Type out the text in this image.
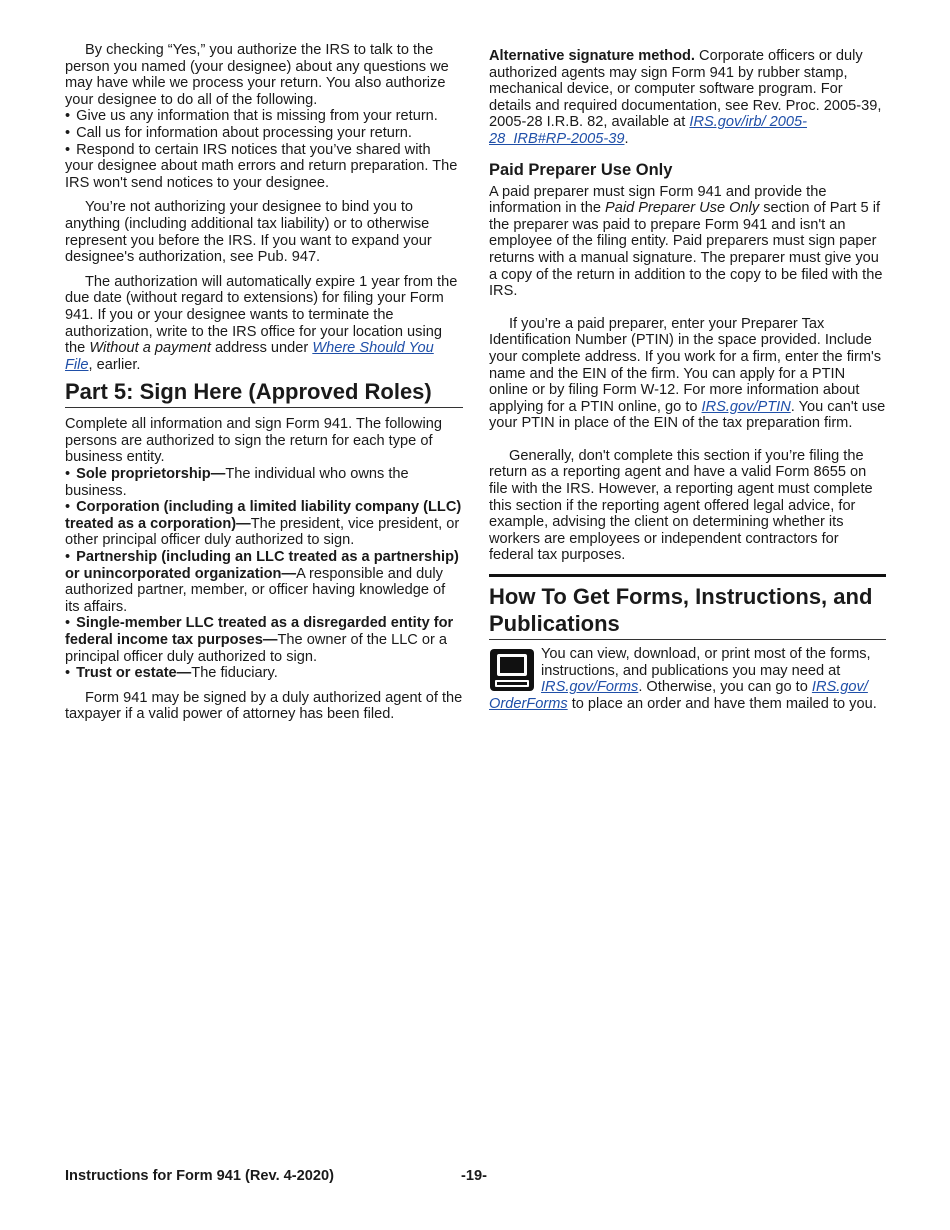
By checking “Yes,” you authorize the IRS to talk to the person you named (your designee) about any questions we may have while we process your return. You also authorize your designee to do all of the following.

• Give us any information that is missing from your return.

• Call us for information about processing your return.

• Respond to certain IRS notices that you’ve shared with your designee about math errors and return preparation. The IRS won't send notices to your designee.

You’re not authorizing your designee to bind you to anything (including additional tax liability) or to otherwise represent you before the IRS. If you want to expand your designee's authorization, see Pub. 947.

The authorization will automatically expire 1 year from the due date (without regard to extensions) for filing your Form 941. If you or your designee wants to terminate the authorization, write to the IRS office for your location using the Without a payment address under Where Should You File, earlier.

Part 5: Sign Here (Approved Roles)

Complete all information and sign Form 941. The following persons are authorized to sign the return for each type of business entity.

• Sole proprietorship—The individual who owns the business.

• Corporation (including a limited liability company (LLC) treated as a corporation)—The president, vice president, or other principal officer duly authorized to sign.

• Partnership (including an LLC treated as a partnership) or unincorporated organization—A responsible and duly authorized partner, member, or officer having knowledge of its affairs.

• Single-member LLC treated as a disregarded entity for federal income tax purposes—The owner of the LLC or a principal officer duly authorized to sign.

• Trust or estate—The fiduciary.

Form 941 may be signed by a duly authorized agent of the taxpayer if a valid power of attorney has been filed.

Alternative signature method. Corporate officers or duly authorized agents may sign Form 941 by rubber stamp, mechanical device, or computer software program. For details and required documentation, see Rev. Proc. 2005-39, 2005-28 I.R.B. 82, available at IRS.gov/irb/ 2005-28_IRB#RP-2005-39.

Paid Preparer Use Only

A paid preparer must sign Form 941 and provide the information in the Paid Preparer Use Only section of Part 5 if the preparer was paid to prepare Form 941 and isn't an employee of the filing entity. Paid preparers must sign paper returns with a manual signature. The preparer must give you a copy of the return in addition to the copy to be filed with the IRS.

If you’re a paid preparer, enter your Preparer Tax Identification Number (PTIN) in the space provided. Include your complete address. If you work for a firm, enter the firm's name and the EIN of the firm. You can apply for a PTIN online or by filing Form W-12. For more information about applying for a PTIN online, go to IRS.gov/PTIN. You can't use your PTIN in place of the EIN of the tax preparation firm.

Generally, don't complete this section if you’re filing the return as a reporting agent and have a valid Form 8655 on file with the IRS. However, a reporting agent must complete this section if the reporting agent offered legal advice, for example, advising the client on determining whether its workers are employees or independent contractors for federal tax purposes.

How To Get Forms, Instructions, and Publications

You can view, download, or print most of the forms, instructions, and publications you may need at IRS.gov/Forms. Otherwise, you can go to IRS.gov/ OrderForms to place an order and have them mailed to you.

Instructions for Form 941 (Rev. 4-2020)	-19-
